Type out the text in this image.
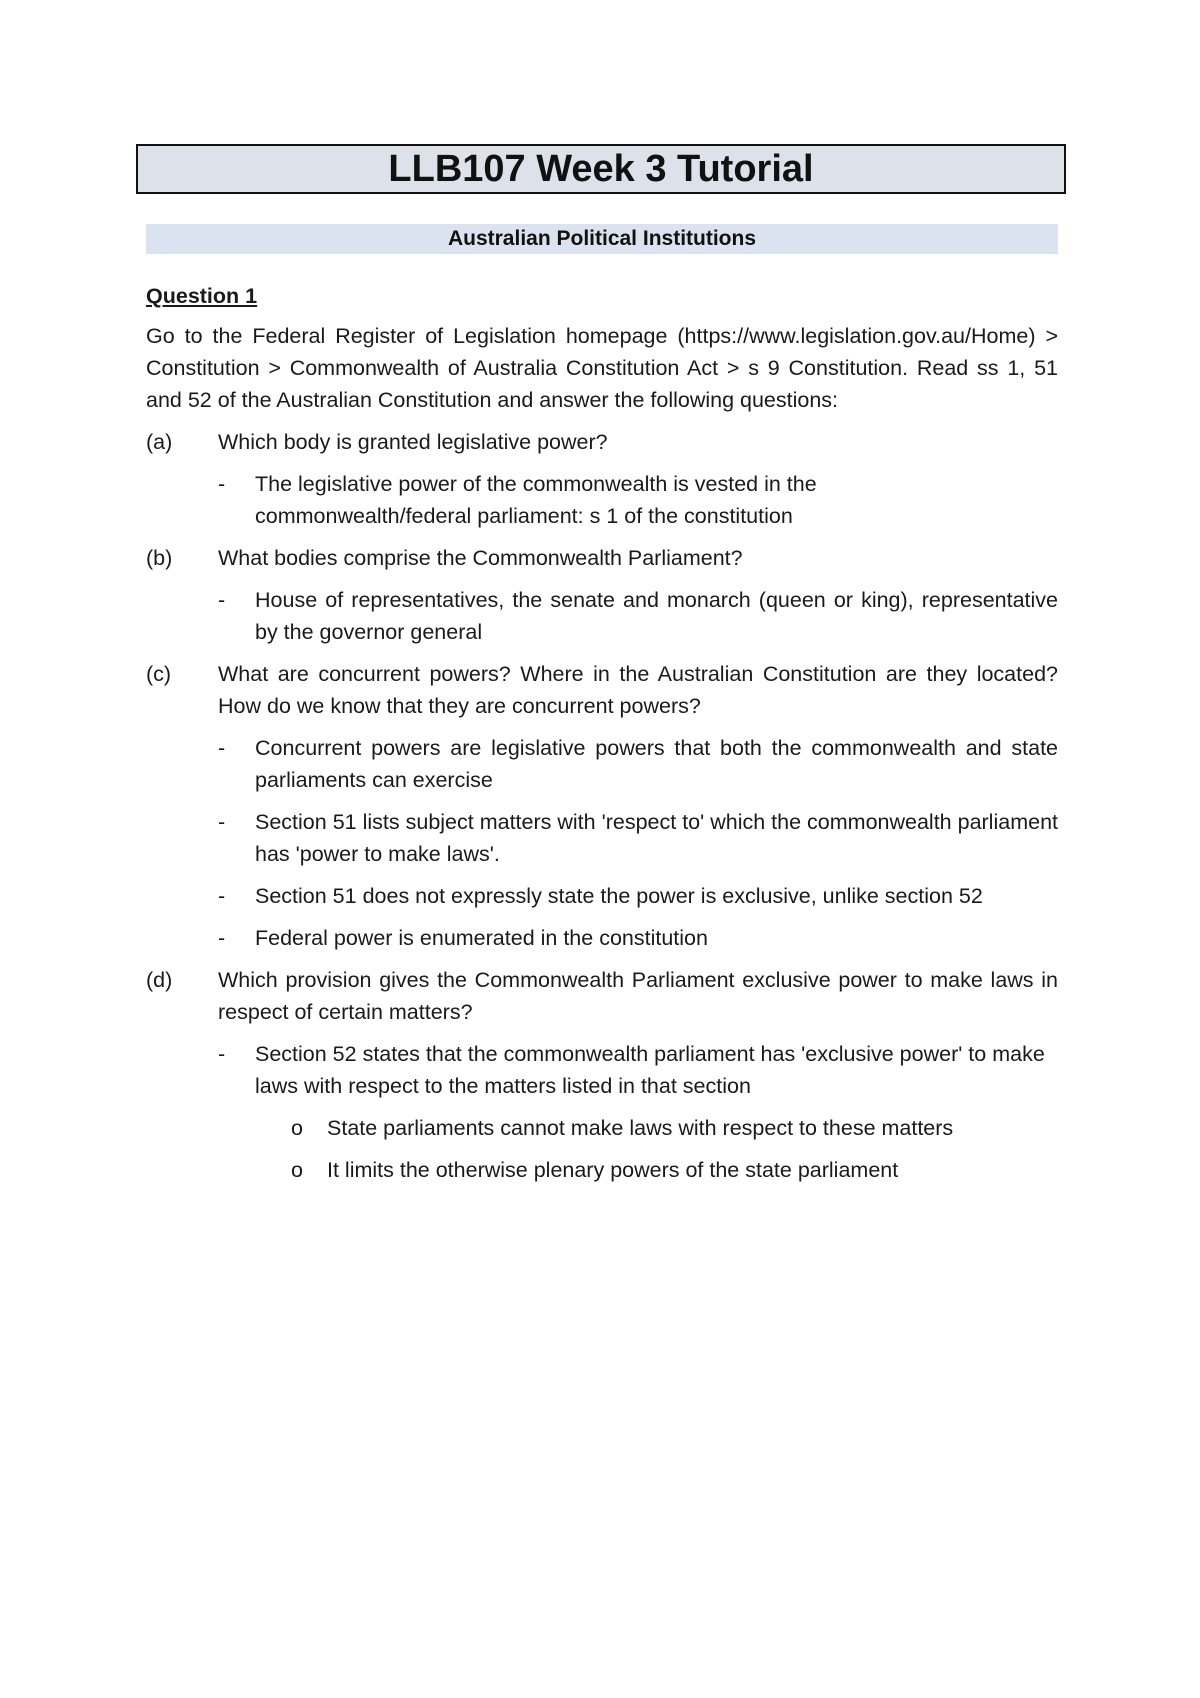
LLB107 Week 3 Tutorial
Australian Political Institutions
Question 1
Go to the Federal Register of Legislation homepage (https://www.legislation.gov.au/Home) > Constitution > Commonwealth of Australia Constitution Act > s 9 Constitution. Read ss 1, 51 and 52 of the Australian Constitution and answer the following questions:
(a)	Which body is granted legislative power?
-	The legislative power of the commonwealth is vested in the commonwealth/federal parliament: s 1 of the constitution
(b)	What bodies comprise the Commonwealth Parliament?
-	House of representatives, the senate and monarch (queen or king), representative by the governor general
(c)	What are concurrent powers? Where in the Australian Constitution are they located? How do we know that they are concurrent powers?
-	Concurrent powers are legislative powers that both the commonwealth and state parliaments can exercise
-	Section 51 lists subject matters with 'respect to' which the commonwealth parliament has 'power to make laws'.
-	Section 51 does not expressly state the power is exclusive, unlike section 52
-	Federal power is enumerated in the constitution
(d)	Which provision gives the Commonwealth Parliament exclusive power to make laws in respect of certain matters?
-	Section 52 states that the commonwealth parliament has 'exclusive power' to make laws with respect to the matters listed in that section
o	State parliaments cannot make laws with respect to these matters
o	It limits the otherwise plenary powers of the state parliament
